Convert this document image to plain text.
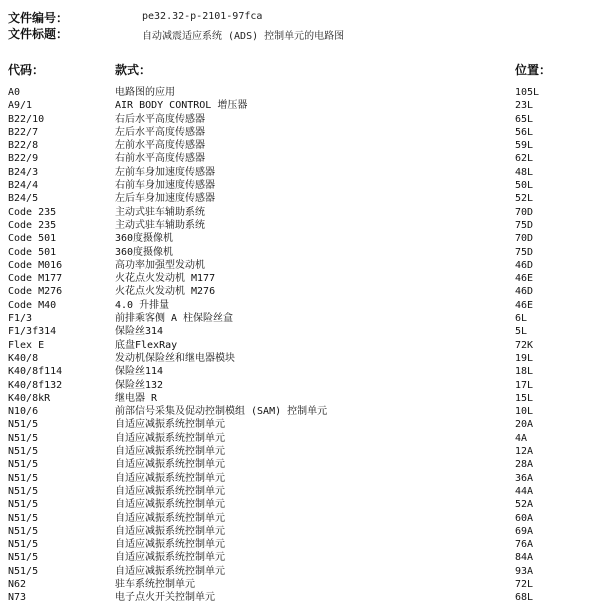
文件编号：	pe32.32-p-2101-97fca
文件标题：	自动减震适应系统 (ADS) 控制单元的电路图
代码：	款式：	位置：
A0	电路图的应用	105L
A9/1	AIR BODY CONTROL 增压器	23L
B22/10	右后水平高度传感器	65L
B22/7	左后水平高度传感器	56L
B22/8	左前水平高度传感器	59L
B22/9	右前水平高度传感器	62L
B24/3	左前车身加速度传感器	48L
B24/4	右前车身加速度传感器	50L
B24/5	左后车身加速度传感器	52L
Code 235	主动式驻车辅助系统	70D
Code 235	主动式驻车辅助系统	75D
Code 501	360度摄像机	70D
Code 501	360度摄像机	75D
Code M016	高功率加强型发动机	46D
Code M177	火花点火发动机 M177	46E
Code M276	火花点火发动机 M276	46D
Code M40	4.0 升排量	46E
F1/3	前排乘客侧 A 柱保险丝盒	6L
F1/3f314	保险丝314	5L
Flex E	底盘FlexRay	72K
K40/8	发动机保险丝和继电器模块	19L
K40/8f114	保险丝114	18L
K40/8f132	保险丝132	17L
K40/8kR	继电器 R	15L
N10/6	前部信号采集及促动控制模组 (SAM) 控制单元	10L
N51/5	自适应减振系统控制单元	20A
N51/5	自适应减振系统控制单元	4A
N51/5	自适应减振系统控制单元	12A
N51/5	自适应减振系统控制单元	28A
N51/5	自适应减振系统控制单元	36A
N51/5	自适应减振系统控制单元	44A
N51/5	自适应减振系统控制单元	52A
N51/5	自适应减振系统控制单元	60A
N51/5	自适应减振系统控制单元	69A
N51/5	自适应减振系统控制单元	76A
N51/5	自适应减振系统控制单元	84A
N51/5	自适应减振系统控制单元	93A
N62	驻车系统控制单元	72L
N73	电子点火开关控制单元	68L
